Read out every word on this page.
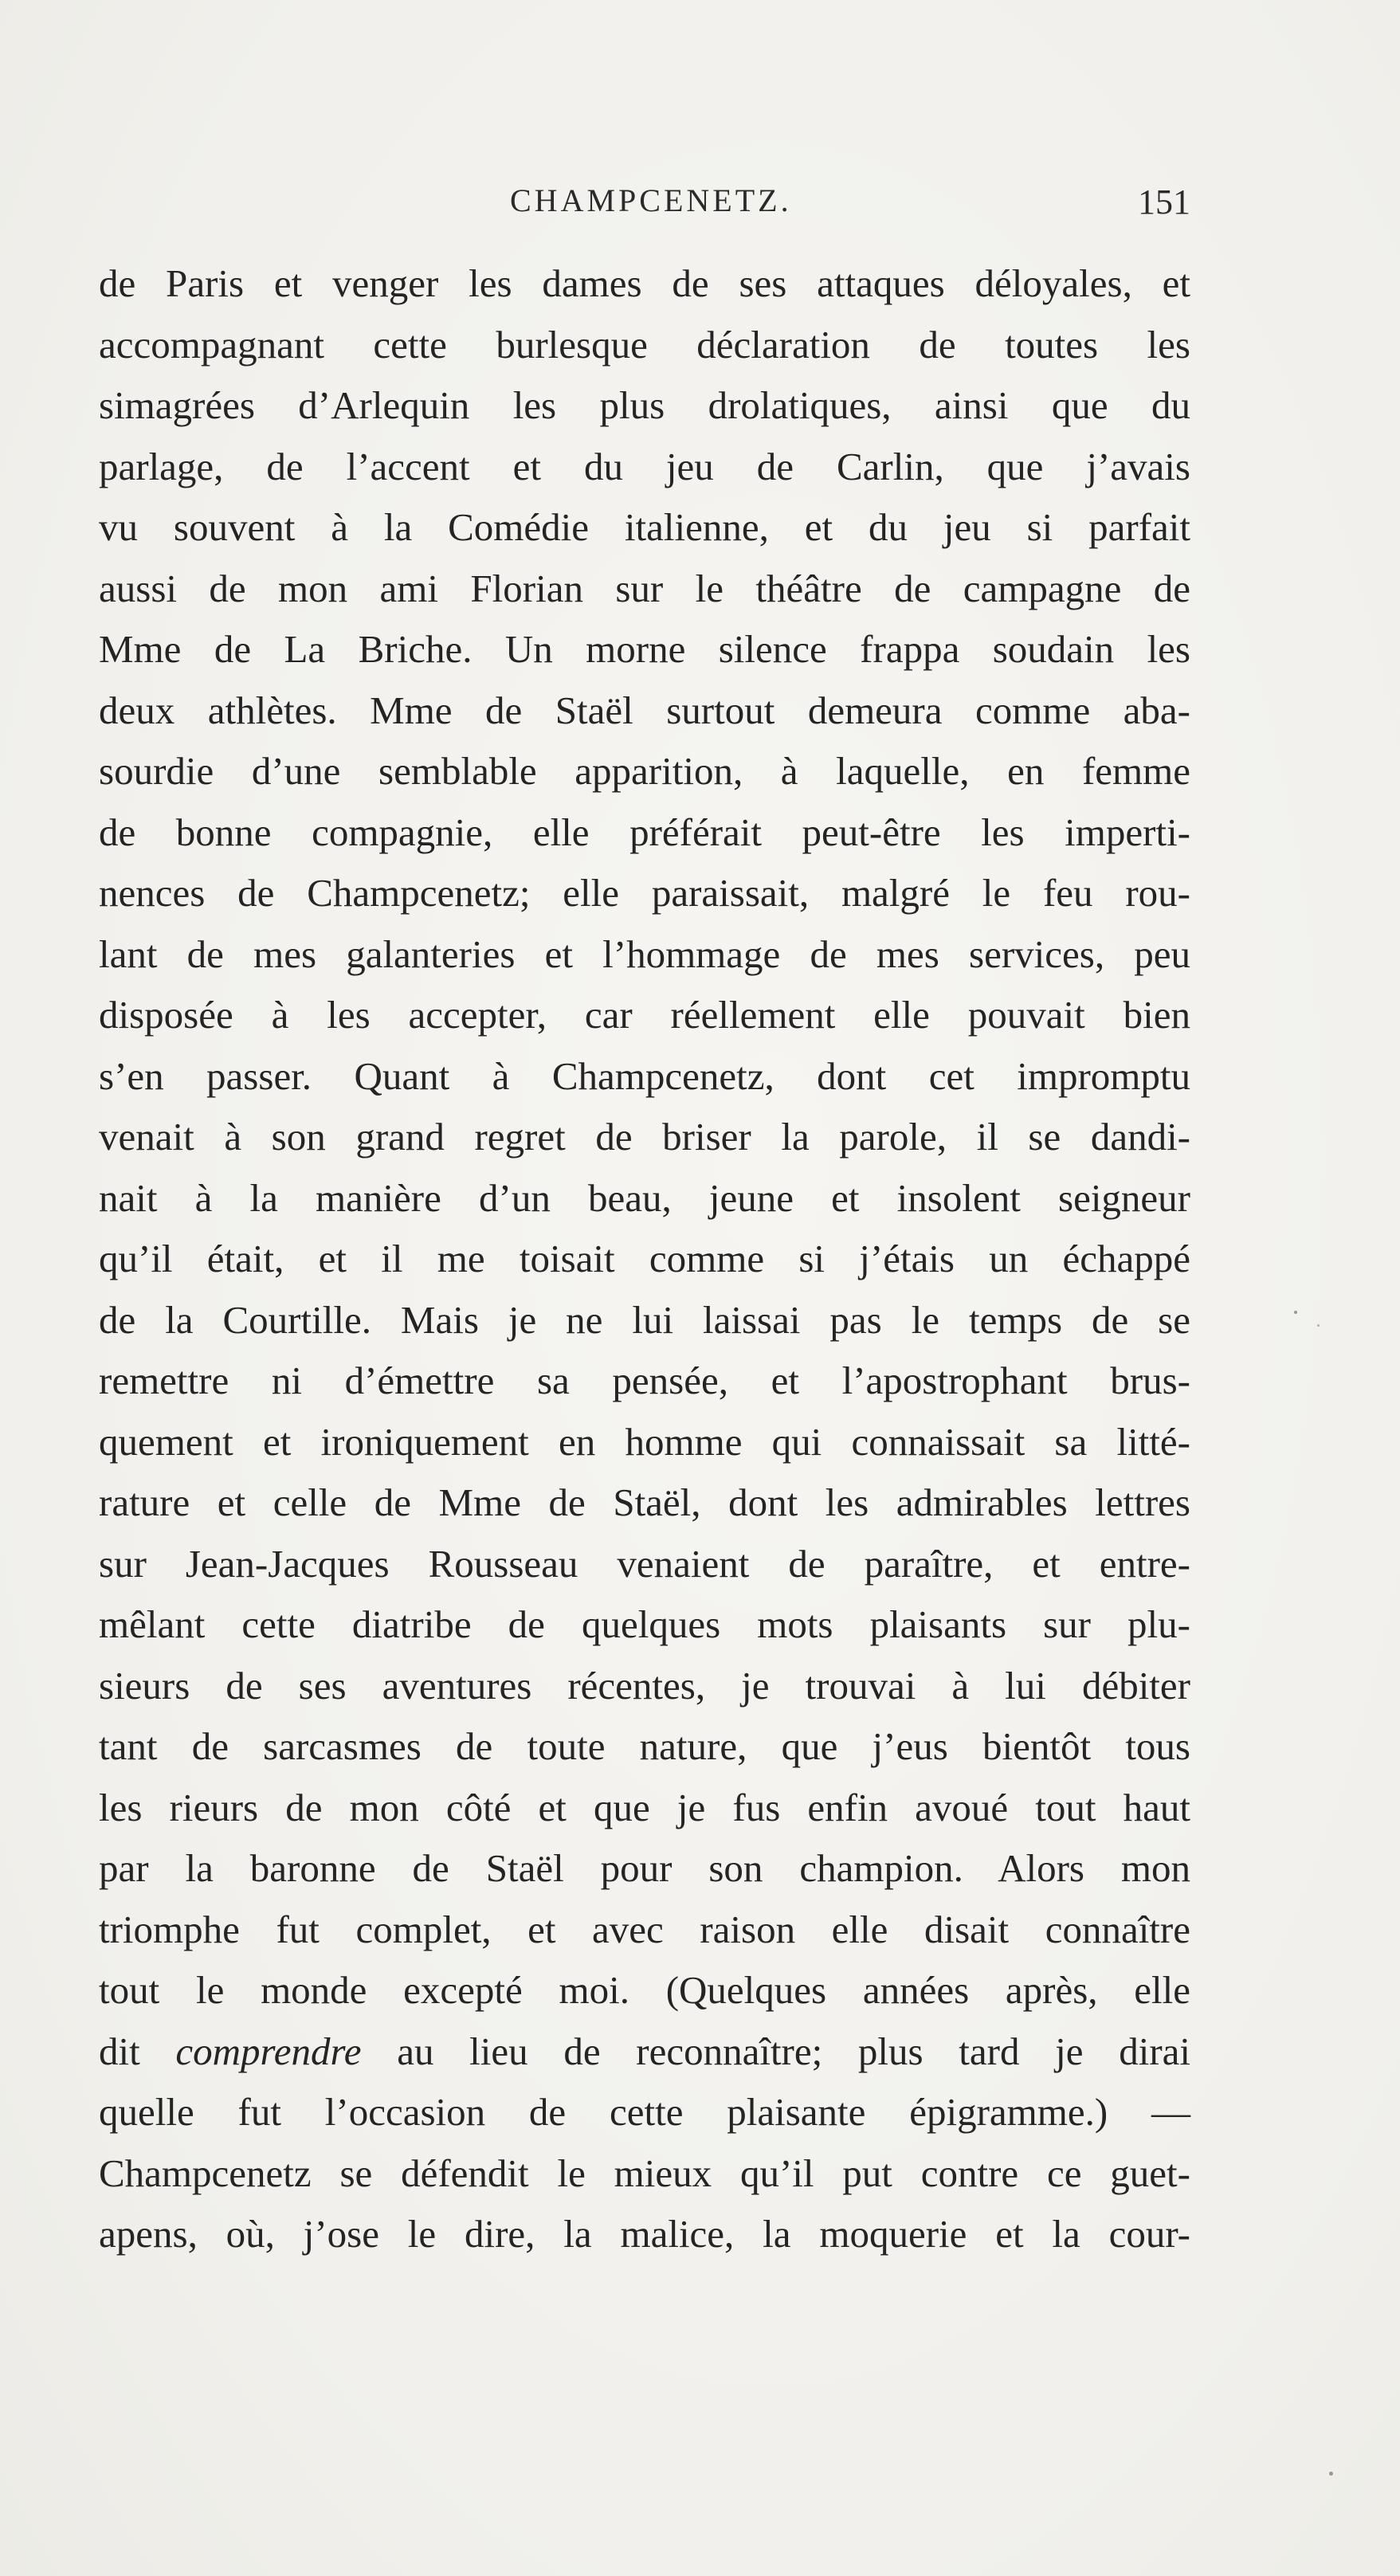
CHAMPCENETZ.	151
de Paris et venger les dames de ses attaques déloyales, et
accompagnant cette burlesque déclaration de toutes les
simagrées d’Arlequin les plus drolatiques, ainsi que du
parlage, de l’accent et du jeu de Carlin, que j’avais
vu souvent à la Comédie italienne, et du jeu si parfait
aussi de mon ami Florian sur le théâtre de campagne de
Mme de La Briche. Un morne silence frappa soudain les
deux athlètes. Mme de Staël surtout demeura comme aba-
sourdie d’une semblable apparition, à laquelle, en femme
de bonne compagnie, elle préférait peut-être les imperti-
nences de Champcenetz; elle paraissait, malgré le feu rou-
lant de mes galanteries et l’hommage de mes services, peu
disposée à les accepter, car réellement elle pouvait bien
s’en passer. Quant à Champcenetz, dont cet impromptu
venait à son grand regret de briser la parole, il se dandi-
nait à la manière d’un beau, jeune et insolent seigneur
qu’il était, et il me toisait comme si j’étais un échappé
de la Courtille. Mais je ne lui laissai pas le temps de se
remettre ni d’émettre sa pensée, et l’apostrophant brus-
quement et ironiquement en homme qui connaissait sa litté-
rature et celle de Mme de Staël, dont les admirables lettres
sur Jean-Jacques Rousseau venaient de paraître, et entre-
mêlant cette diatribe de quelques mots plaisants sur plu-
sieurs de ses aventures récentes, je trouvai à lui débiter
tant de sarcasmes de toute nature, que j’eus bientôt tous
les rieurs de mon côté et que je fus enfin avoué tout haut
par la baronne de Staël pour son champion. Alors mon
triomphe fut complet, et avec raison elle disait connaître
tout le monde excepté moi. (Quelques années après, elle
dit comprendre au lieu de reconnaître; plus tard je dirai
quelle fut l’occasion de cette plaisante épigramme.) —
Champcenetz se défendit le mieux qu’il put contre ce guet-
apens, où, j’ose le dire, la malice, la moquerie et la cour-
